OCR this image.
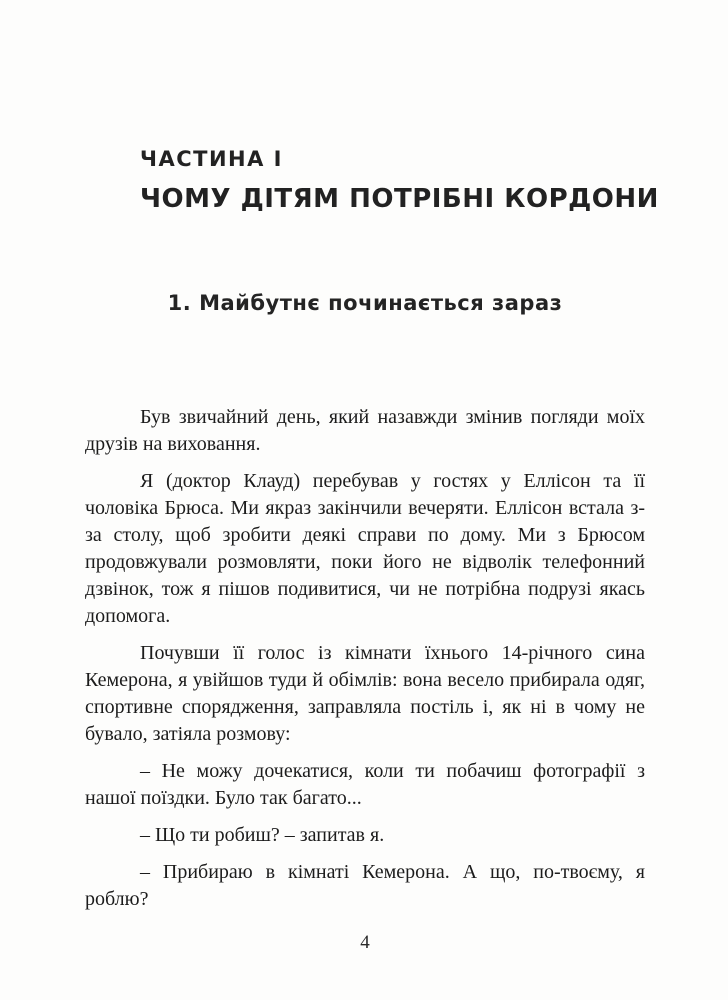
ЧАСТИНА I
ЧОМУ ДІТЯМ ПОТРІБНІ КОРДОНИ
1. Майбутнє починається зараз

Був звичайний день, який назавжди змінив погляди моїх друзів на виховання.

Я (доктор Клауд) перебував у гостях у Еллісон та її чоловіка Брюса. Ми якраз закінчили вечеряти. Еллісон встала з-за столу, щоб зробити деякі справи по дому. Ми з Брюсом продовжували розмовляти, поки його не відволік телефонний дзвінок, тож я пішов подивитися, чи не потрібна подрузі якась допомога.

Почувши її голос із кімнати їхнього 14-річного сина Кемерона, я увійшов туди й обімлів: вона весело прибирала одяг, спортивне спорядження, заправляла постіль і, як ні в чому не бувало, затіяла розмову:

– Не можу дочекатися, коли ти побачиш фотографії з нашої поїздки. Було так багато...

– Що ти робиш? – запитав я.

– Прибираю в кімнаті Кемерона. А що, по-твоєму, я роблю?

4
